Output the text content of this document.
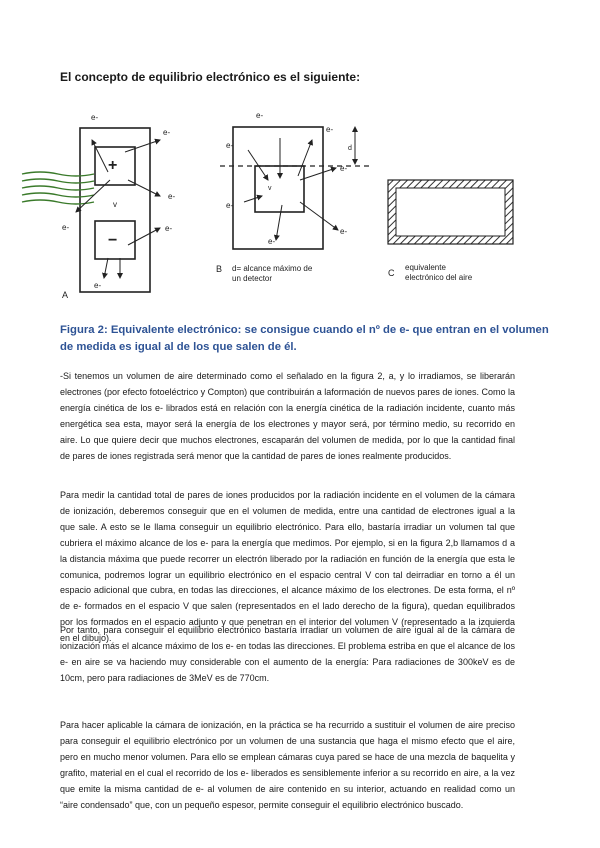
El concepto de equilibrio electrónico es el siguiente:
e-
e-
e-
e-	e-
e-
v
+
−
A
e-
e-
e-
e-
e-
e-
e-
v
d
B d= alcance máximo de
un detector
C
equivalente
electrónico del aire
Figura 2: Equivalente electrónico: se consigue cuando el nº de e- que entran en el volumen de medida es igual al de los que salen de él.

-Si tenemos un volumen de aire determinado como el señalado en la figura 2, a, y lo irradiamos, se liberarán electrones (por efecto fotoeléctrico y Compton) que contribuirán a laformación de nuevos pares de iones. Como la energía cinética de los e- librados está en relación con la energía cinética de la radiación incidente, cuanto más energética sea esta, mayor será la energía de los electrones y mayor será, por término medio, su recorrido en aire. Lo que quiere decir que muchos electrones, escaparán del volumen de medida, por lo que la cantidad final de pares de iones registrada será menor que la cantidad de pares de iones realmente producidos.

Para medir la cantidad total de pares de iones producidos por la radiación incidente en el volumen de la cámara de ionización, deberemos conseguir que en el volumen de medida, entre una cantidad de electrones igual a la que sale. A esto se le llama conseguir un equilibrio electrónico. Para ello, bastaría irradiar un volumen tal que cubriera el máximo alcance de los e- para la energía que medimos. Por ejemplo, si en la figura 2,b llamamos d a la distancia máxima que puede recorrer un electrón liberado por la radiación en función de la energía que esta le comunica, podremos lograr un equilibrio electrónico en el espacio central V con tal deirradiar en torno a él un espacio adicional que cubra, en todas las direcciones, el alcance máximo de los electrones. De esta forma, el nº de e- formados en el espacio V que salen (representados en el lado derecho de la figura), quedan equilibrados por los formados en el espacio adjunto y que penetran en el interior del volumen V (representado a la izquierda en el dibujo).

Por tanto, para conseguir el equilibrio electrónico bastaría irradiar un volumen de aire igual al de la cámara de ionización más el alcance máximo de los e- en todas las direcciones. El problema estriba en que el alcance de los e- en aire se va haciendo muy considerable con el aumento de la energía: Para radiaciones de 300keV es de 10cm, pero para radiaciones de 3MeV es de 770cm.

Para hacer aplicable la cámara de ionización, en la práctica se ha recurrido a sustituir el volumen de aire preciso para conseguir el equilibrio electrónico por un volumen de una sustancia que haga el mismo efecto que el aire, pero en mucho menor volumen. Para ello se emplean cámaras cuya pared se hace de una mezcla de baquelita y grafito, material en el cual el recorrido de los e- liberados es sensiblemente inferior a su recorrido en aire, a la vez que emite la misma cantidad de e- al volumen de aire contenido en su interior, actuando en realidad como un “aire condensado” que, con un pequeño espesor, permite conseguir el equilibrio electrónico buscado.
